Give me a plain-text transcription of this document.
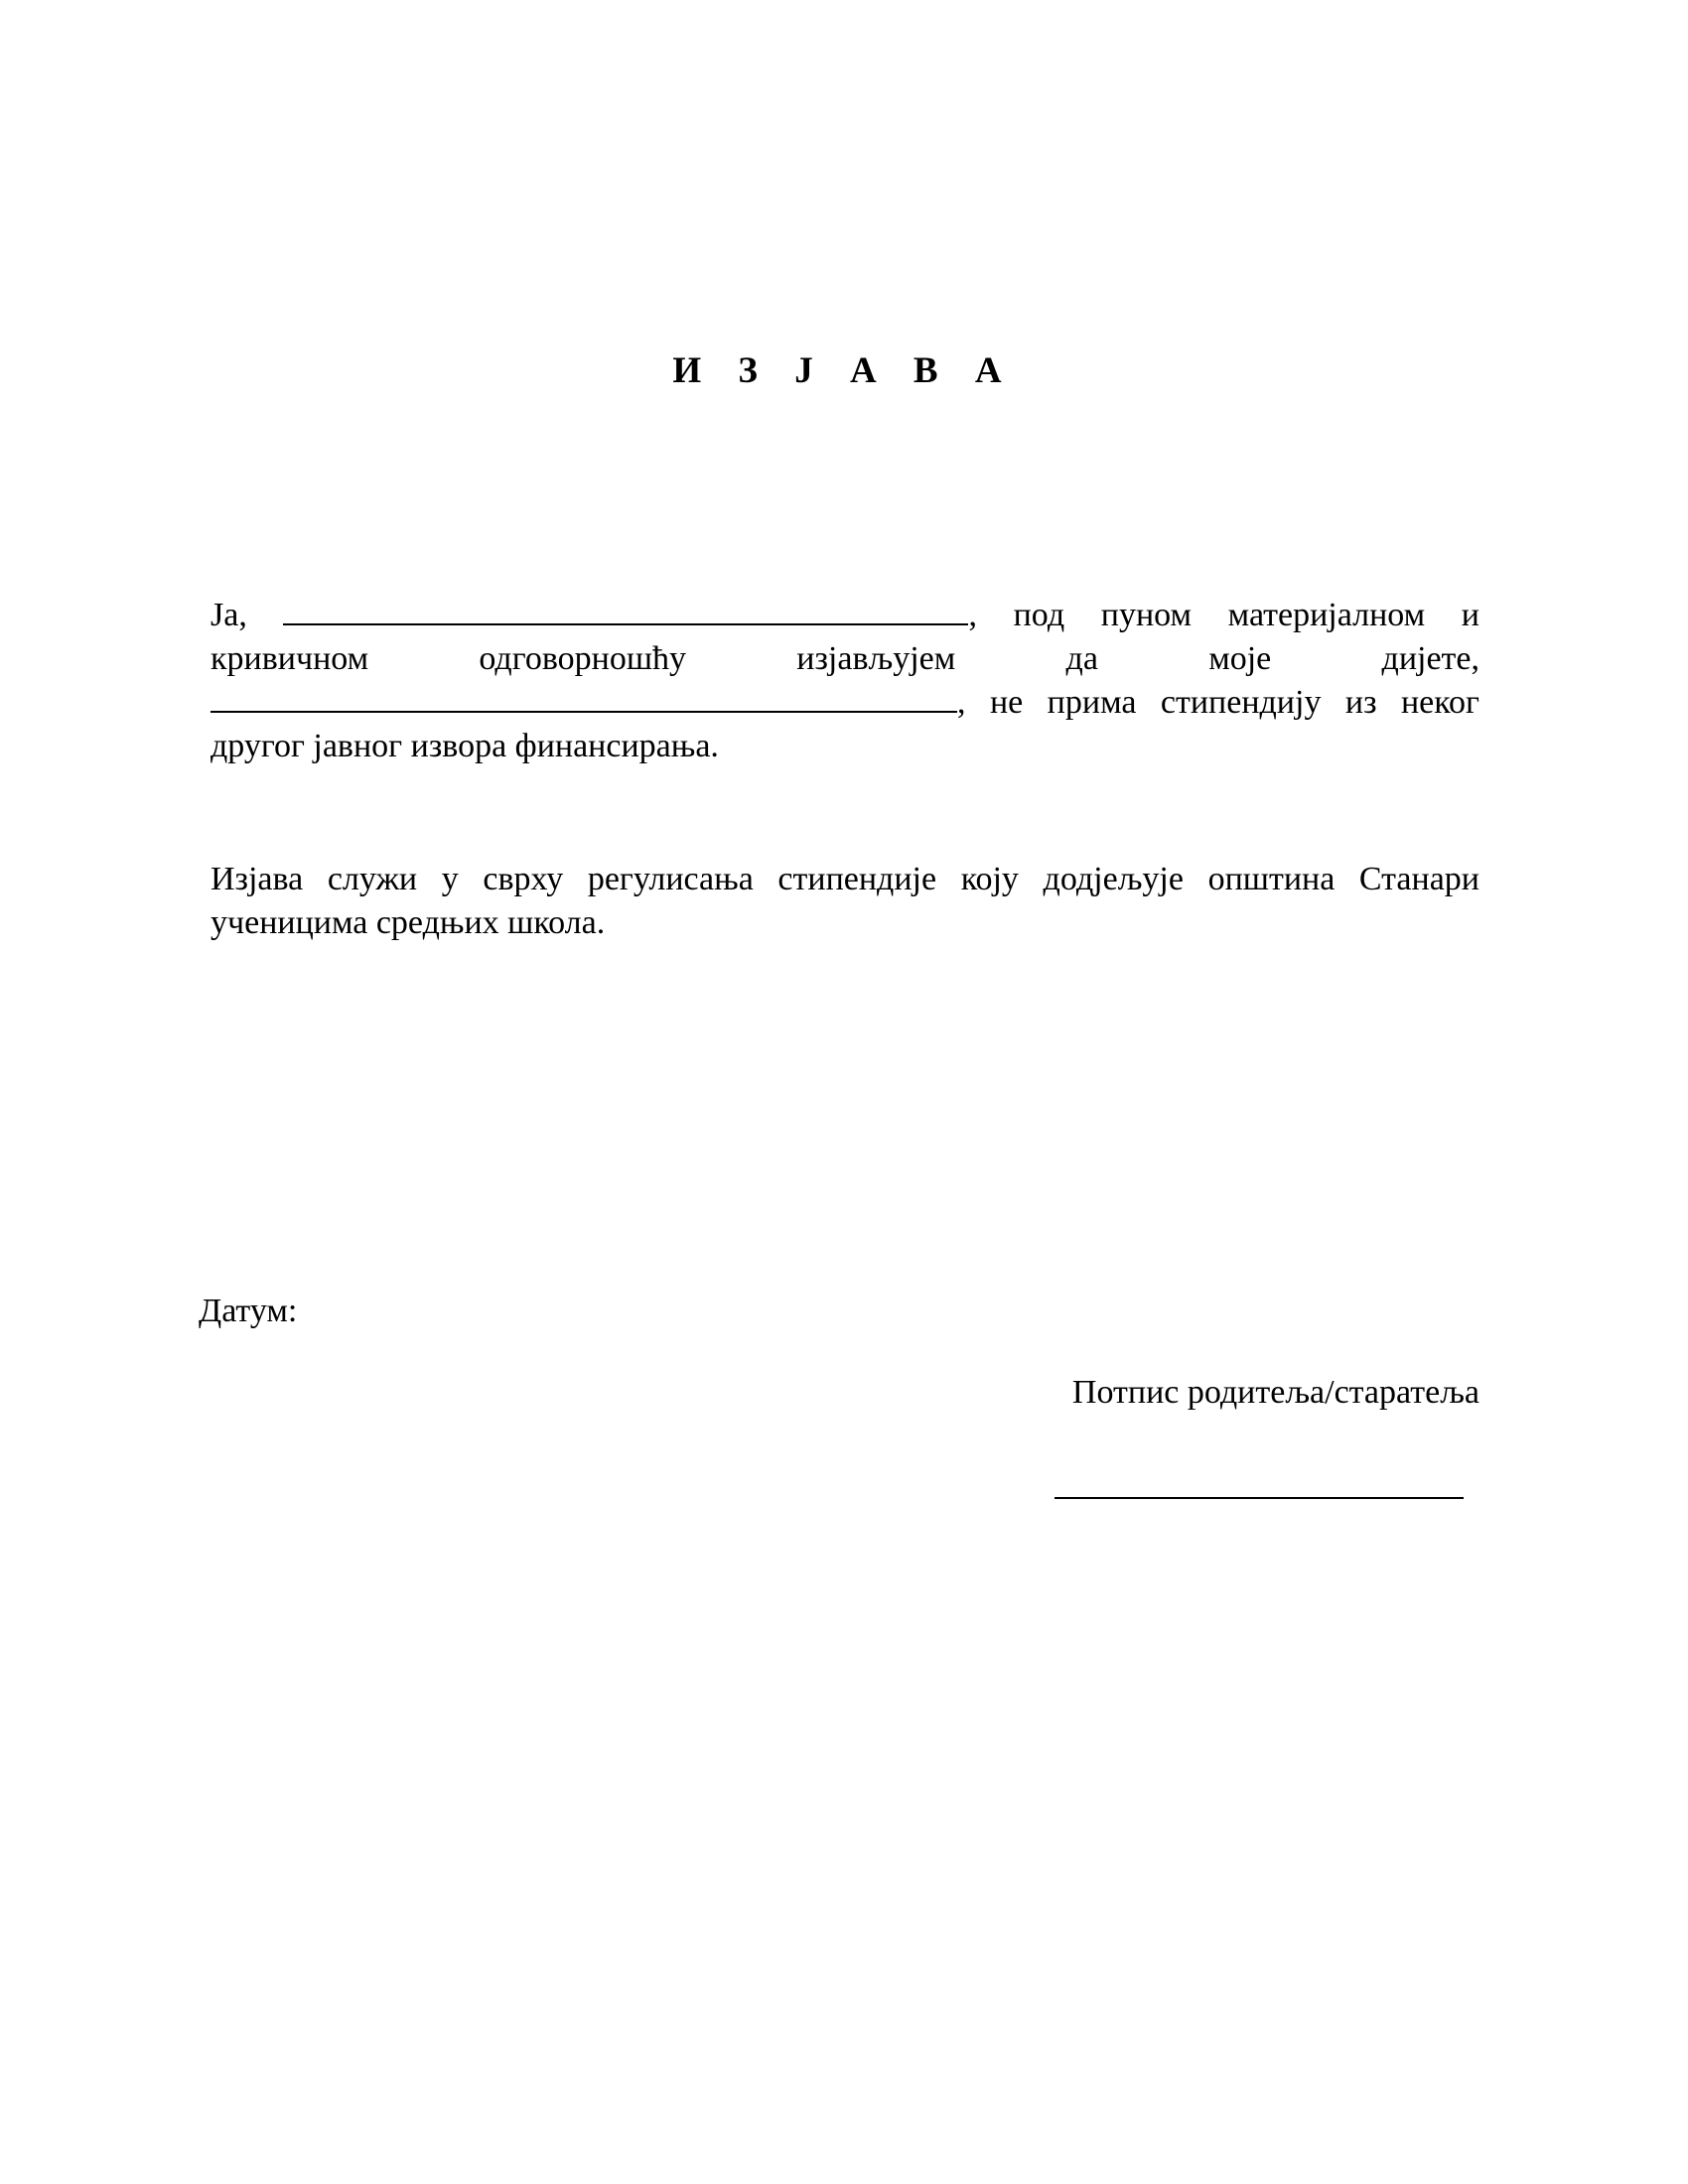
И З Ј А В А

Ја,	, под пуном материјалном и кривичном одговорношћу изјављујем да моје дијете, , не прима стипендију из неког другог јавног извора финансирања.

Изјава служи у сврху регулисања стипендије коју додјељује општина Станари ученицима средњих школа.

Датум:

Потпис родитеља/старатеља
